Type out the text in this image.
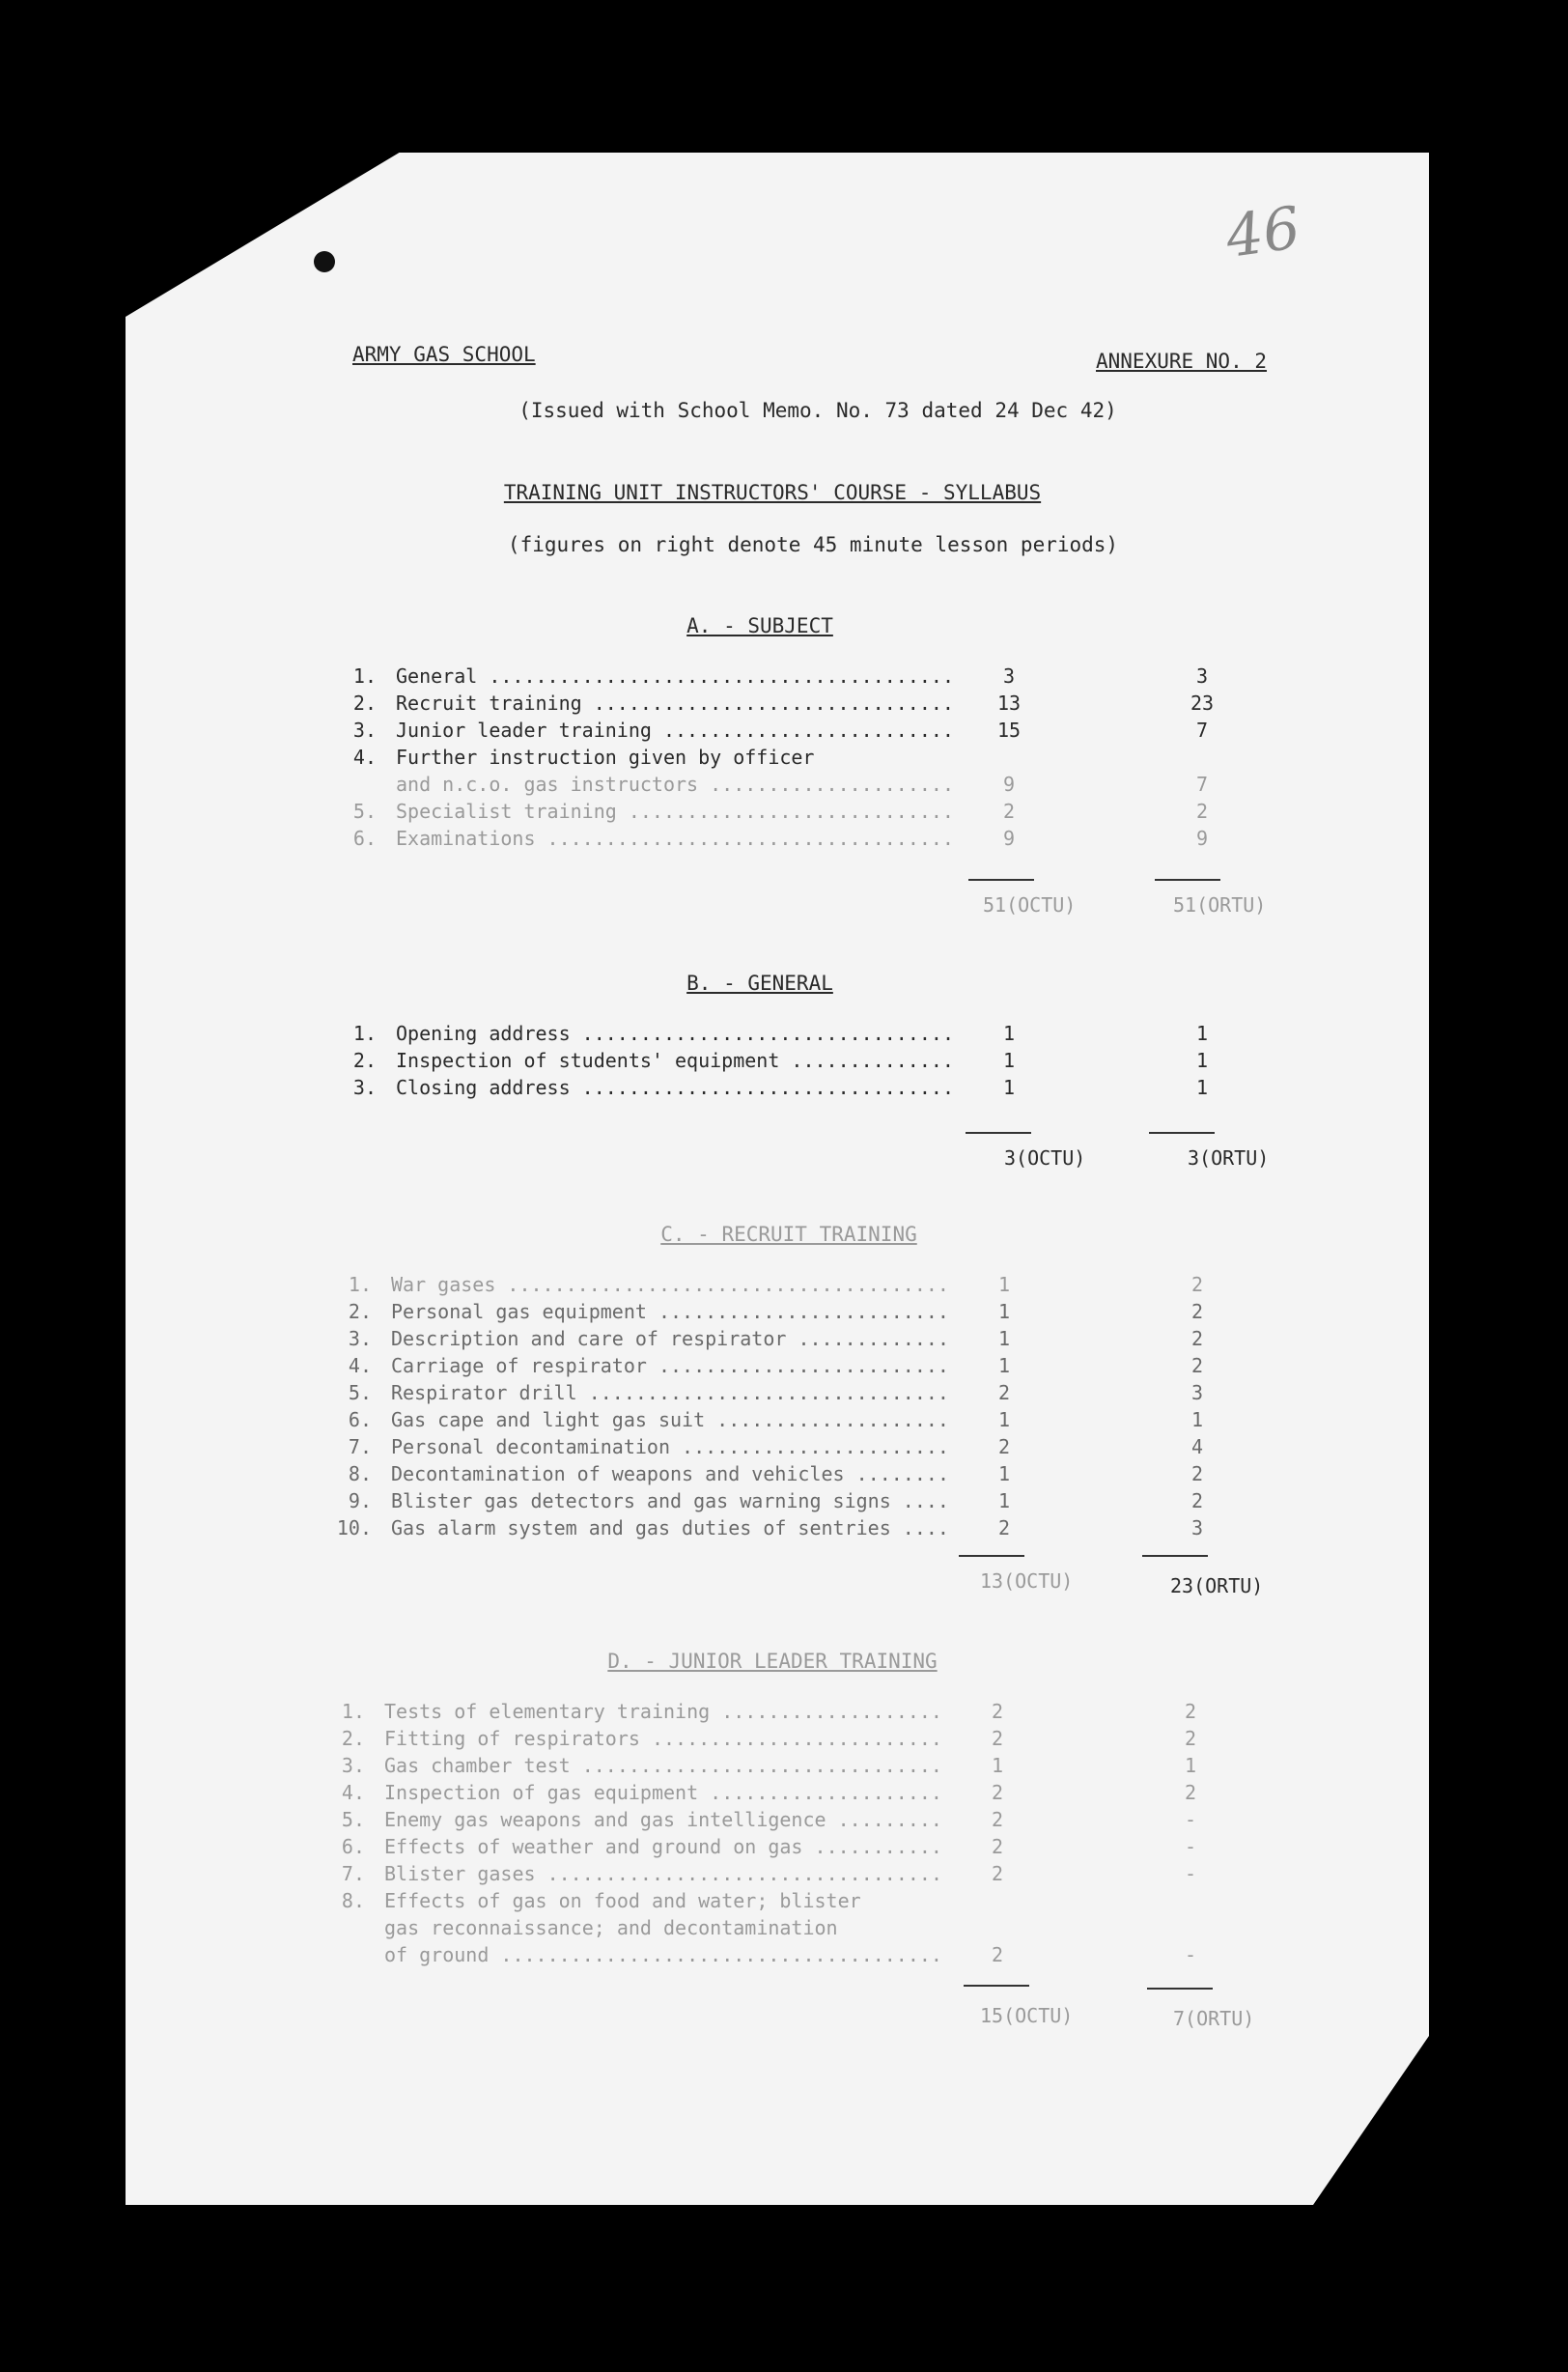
46
ARMY GAS SCHOOL	ANNEXURE NO. 2
(Issued with School Memo. No. 73 dated 24 Dec 42)
TRAINING UNIT INSTRUCTORS' COURSE - SYLLABUS
(figures on right denote 45 minute lesson periods)
A. - SUBJECT
1. General .....	3	3
2. Recruit training .....	13	23
3. Junior leader training .....	15	7
4. Further instruction given by officer
and n.c.o. gas instructors .....	9	7
5. Specialist training .....	2	2
6. Examinations .....	9	9
51(OCTU)	51(ORTU)
B. - GENERAL
1. Opening address .....	1	1
2. Inspection of students' equipment .....	1	1
3. Closing address .....	1	1
3(OCTU)	3(ORTU)
C. - RECRUIT TRAINING
1. War gases .....	1	2
2. Personal gas equipment .....	1	2
3. Description and care of respirator .....	1	2
4. Carriage of respirator .....	1	2
5. Respirator drill .....	2	3
6. Gas cape and light gas suit .....	1	1
7. Personal decontamination .....	2	4
8. Decontamination of weapons and vehicles .....	1	2
9. Blister gas detectors and gas warning signs .....	1	2
10. Gas alarm system and gas duties of sentries .....	2	3
13(OCTU)	23(ORTU)
D. - JUNIOR LEADER TRAINING
1. Tests of elementary training .....	2	2
2. Fitting of respirators .....	2	2
3. Gas chamber test .....	1	1
4. Inspection of gas equipment .....	2	2
5. Enemy gas weapons and gas intelligence .....	2	-
6. Effects of weather and ground on gas .....	2	-
7. Blister gases .....	2	-
8. Effects of gas on food and water; blister
gas reconnaissance; and decontamination
of ground .....	2	-
15(OCTU)	7(ORTU)
